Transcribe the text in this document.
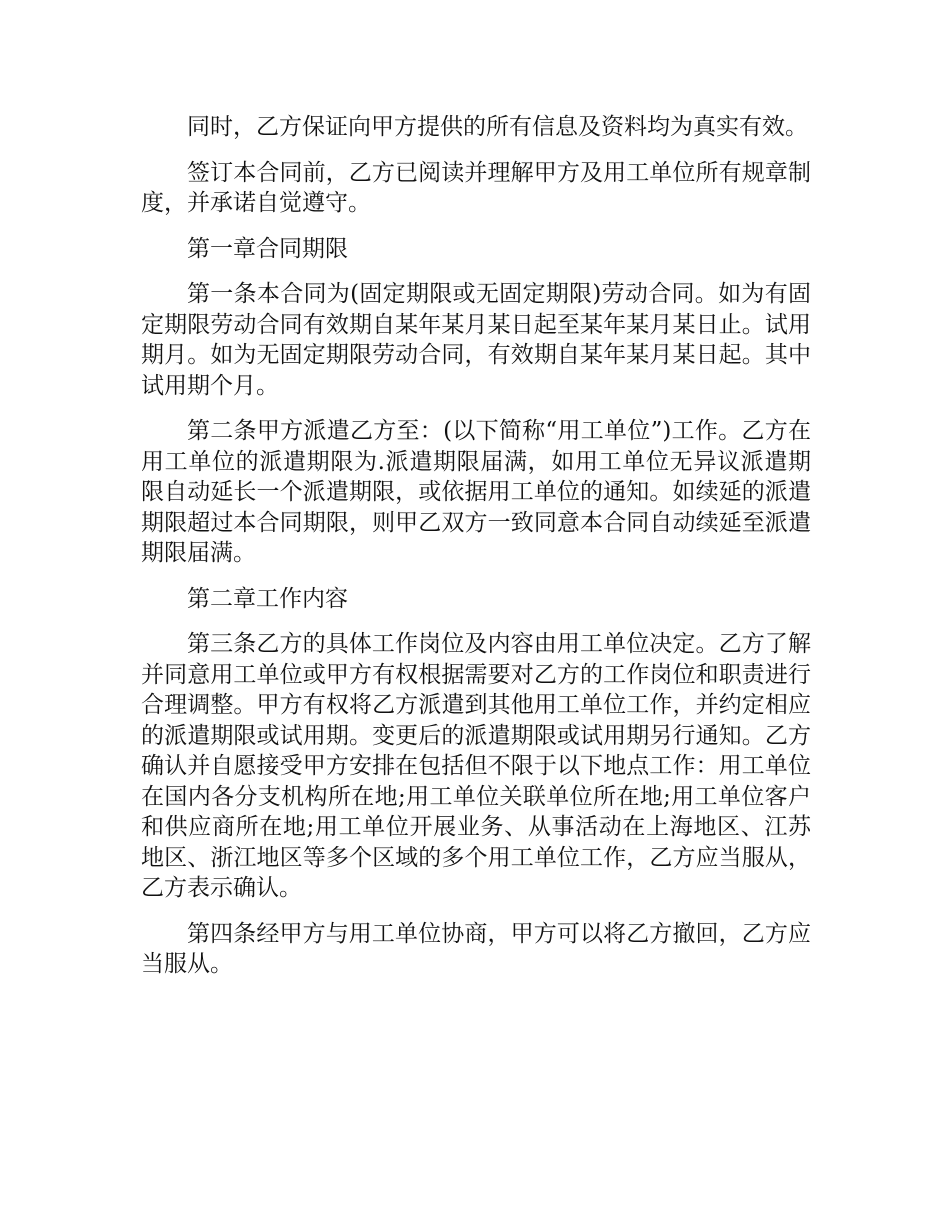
同时，乙方保证向甲方提供的所有信息及资料均为真实有效。

签订本合同前，乙方已阅读并理解甲方及用工单位所有规章制度，并承诺自觉遵守。

第一章合同期限

第一条本合同为(固定期限或无固定期限)劳动合同。如为有固定期限劳动合同有效期自某年某月某日起至某年某月某日止。试用期月。如为无固定期限劳动合同，有效期自某年某月某日起。其中试用期个月。

第二条甲方派遣乙方至：(以下简称“用工单位”)工作。乙方在用工单位的派遣期限为.派遣期限届满，如用工单位无异议派遣期限自动延长一个派遣期限，或依据用工单位的通知。如续延的派遣期限超过本合同期限，则甲乙双方一致同意本合同自动续延至派遣期限届满。

第二章工作内容

第三条乙方的具体工作岗位及内容由用工单位决定。乙方了解并同意用工单位或甲方有权根据需要对乙方的工作岗位和职责进行合理调整。甲方有权将乙方派遣到其他用工单位工作，并约定相应的派遣期限或试用期。变更后的派遣期限或试用期另行通知。乙方确认并自愿接受甲方安排在包括但不限于以下地点工作：用工单位在国内各分支机构所在地;用工单位关联单位所在地;用工单位客户和供应商所在地;用工单位开展业务、从事活动在上海地区、江苏地区、浙江地区等多个区域的多个用工单位工作，乙方应当服从，乙方表示确认。

第四条经甲方与用工单位协商，甲方可以将乙方撤回，乙方应当服从。
